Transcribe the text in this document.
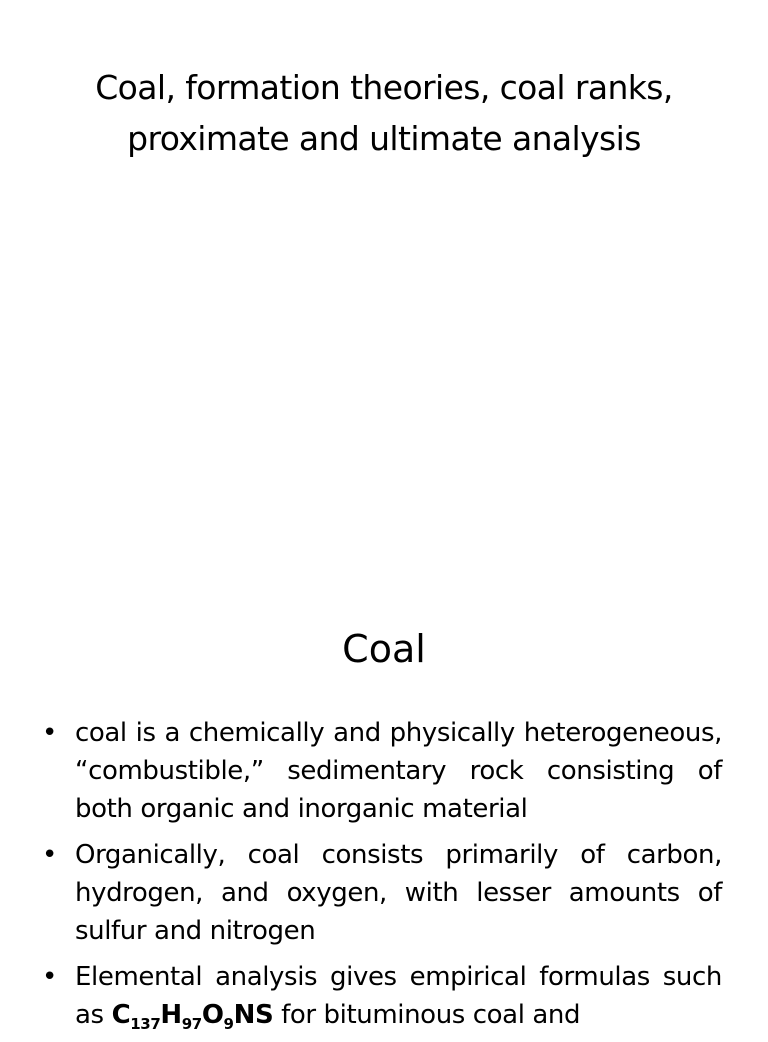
Coal, formation theories, coal ranks, proximate and ultimate analysis
Coal
• coal is a chemically and physically heterogeneous, “combustible,” sedimentary rock consisting of both organic and inorganic material
• Organically, coal consists primarily of carbon, hydrogen, and oxygen, with lesser amounts of sulfur and nitrogen
• Elemental analysis gives empirical formulas such as $C_{137}H_{97}O_9NS$ for bituminous coal and
